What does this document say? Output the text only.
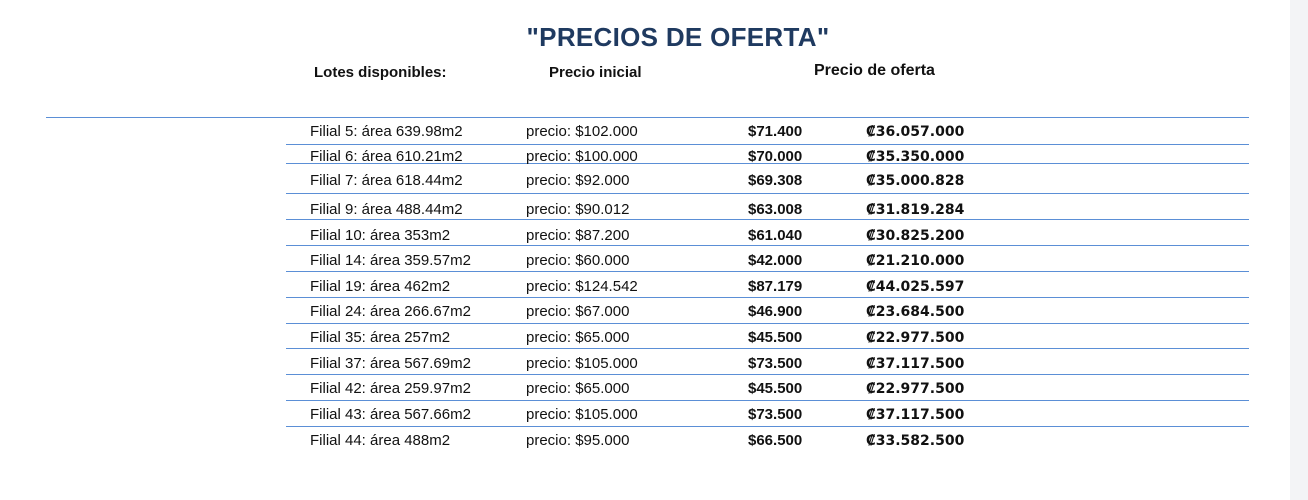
"PRECIOS DE OFERTA"
Lotes disponibles:	Precio inicial	Precio de oferta
Filial 5: área 639.98m2	precio: $102.000	$71.400	₡36.057.000
Filial 6: área 610.21m2	precio: $100.000	$70.000	₡35.350.000
Filial 7: área 618.44m2	precio: $92.000	$69.308	₡35.000.828
Filial 9: área 488.44m2	precio: $90.012	$63.008	₡31.819.284
Filial 10: área 353m2	precio: $87.200	$61.040	₡30.825.200
Filial 14: área 359.57m2	precio: $60.000	$42.000	₡21.210.000
Filial 19: área 462m2	precio: $124.542	$87.179	₡44.025.597
Filial 24: área 266.67m2	precio: $67.000	$46.900	₡23.684.500
Filial 35: área 257m2	precio: $65.000	$45.500	₡22.977.500
Filial 37: área 567.69m2	precio: $105.000	$73.500	₡37.117.500
Filial 42: área 259.97m2	precio: $65.000	$45.500	₡22.977.500
Filial 43: área 567.66m2	precio: $105.000	$73.500	₡37.117.500
Filial 44: área 488m2	precio: $95.000	$66.500	₡33.582.500
